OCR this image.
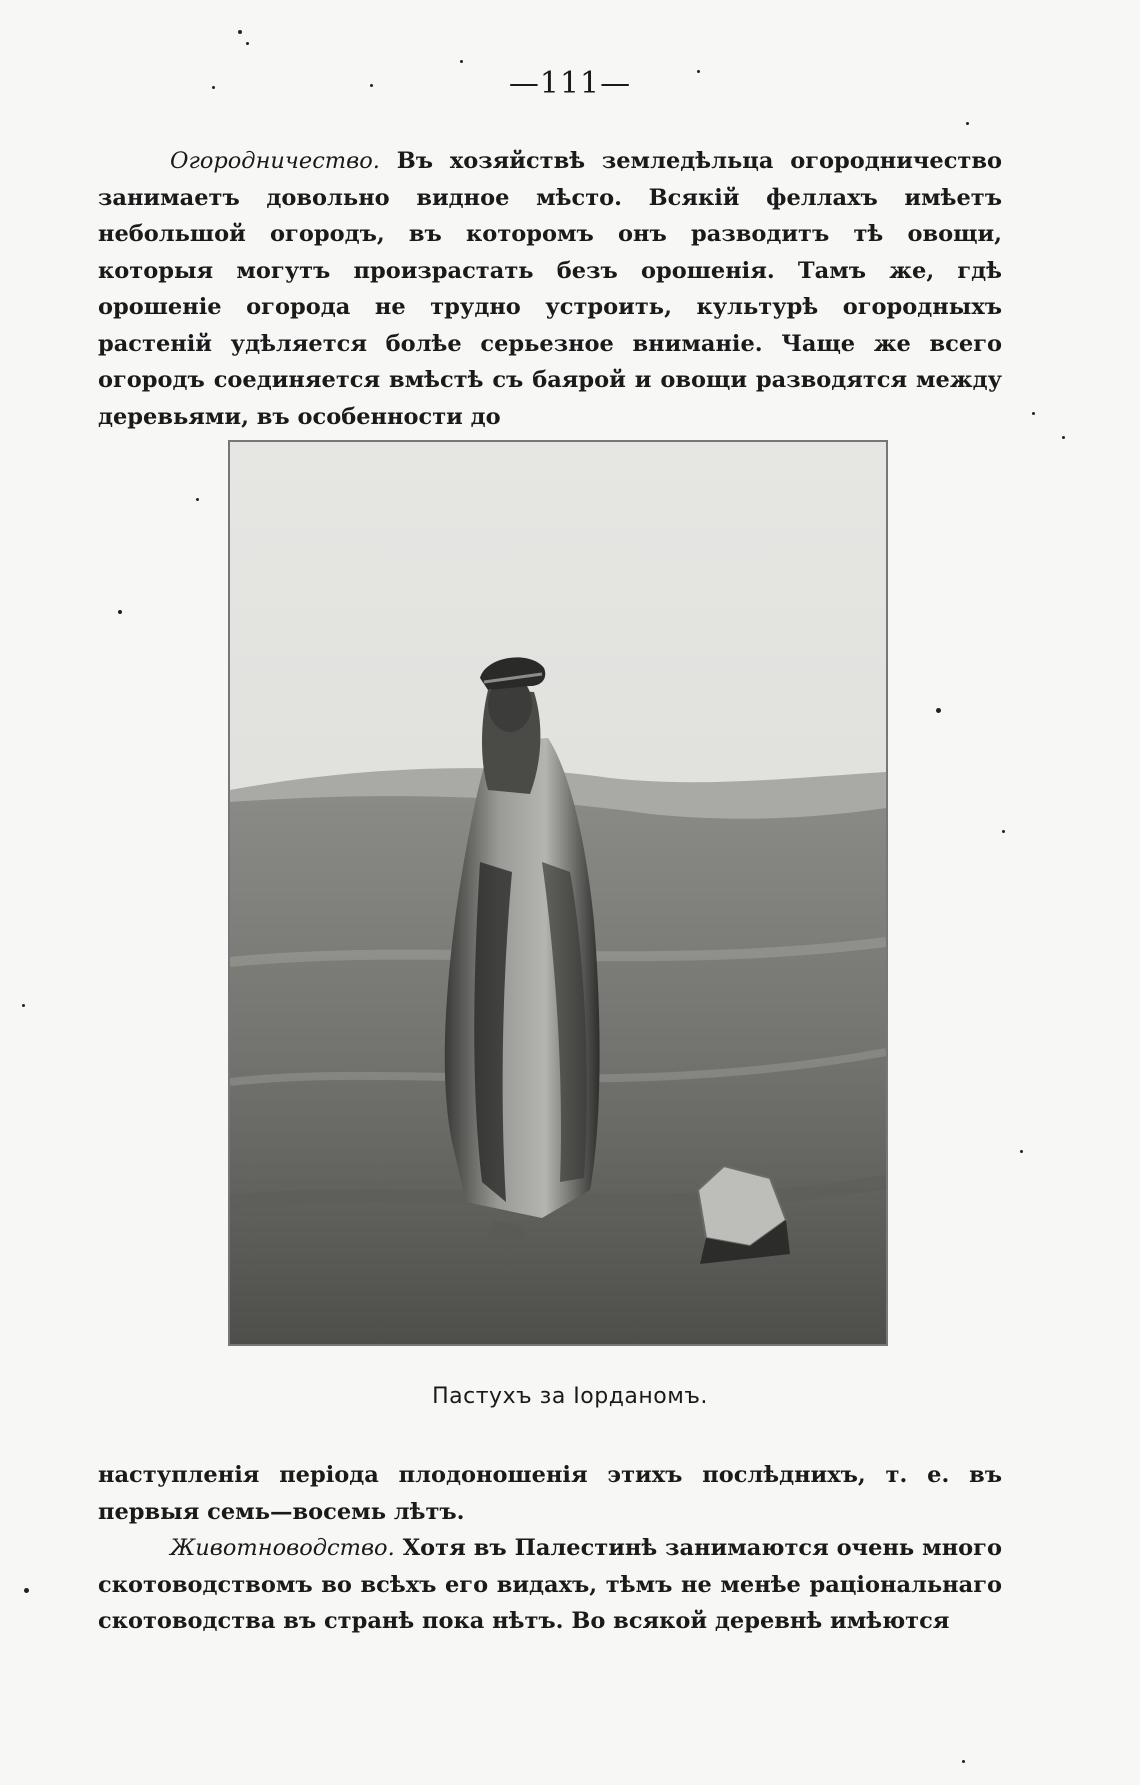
—111—

Огородничество. Въ хозяйствѣ земледѣльца огородничество занимаетъ довольно видное мѣсто. Всякій феллахъ имѣетъ небольшой огородъ, въ которомъ онъ разводитъ тѣ овощи, которыя могутъ произрастать безъ орошенія. Тамъ же, гдѣ орошеніе огорода не трудно устроить, культурѣ огородныхъ растеній удѣляется болѣе серьезное вниманіе. Чаще же всего огородъ соединяется вмѣстѣ съ баярой и овощи разводятся между деревьями, въ особенности до

Пастухъ за Іорданомъ.

наступленія періода плодоношенія этихъ послѣднихъ, т. е. въ первыя семь—восемь лѣтъ.
Животноводство. Хотя въ Палестинѣ занимаются очень много скотоводствомъ во всѣхъ его видахъ, тѣмъ не менѣе раціональнаго скотоводства въ странѣ пока нѣтъ. Во всякой деревнѣ имѣются
